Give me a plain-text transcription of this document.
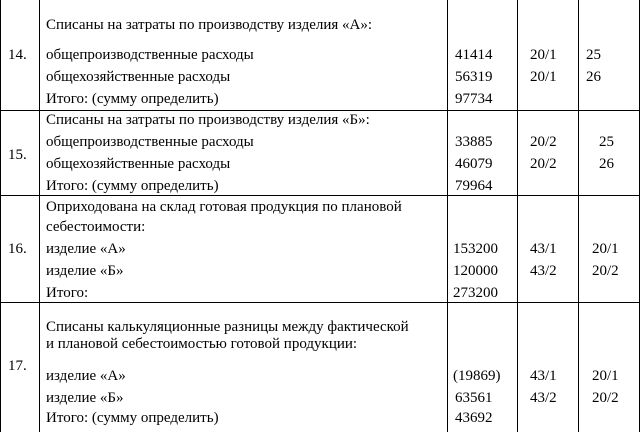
14.
Списаны на затраты по производству изделия «А»:
общепроизводственные расходы	41414	20/1 25
общехозяйственные расходы	56319	20/1 26
Итого: (сумму определить)	97734
15.
Списаны на затраты по производству изделия «Б»:
общепроизводственные расходы	33885	20/2	25
общехозяйственные расходы	46079	20/2	26
Итого: (сумму определить)	79964
16.
Оприходована на склад готовая продукция по плановой
себестоимости:
изделие «А»	153200 43/1 20/1
изделие «Б»	120000 43/2 20/2
Итого:	273200
17.
Списаны калькуляционные разницы между фактической
и плановой себестоимостью готовой продукции:
изделие «А»	(19869) 43/1 20/1
изделие «Б»	63561	43/2 20/2
Итого: (сумму определить)	43692
